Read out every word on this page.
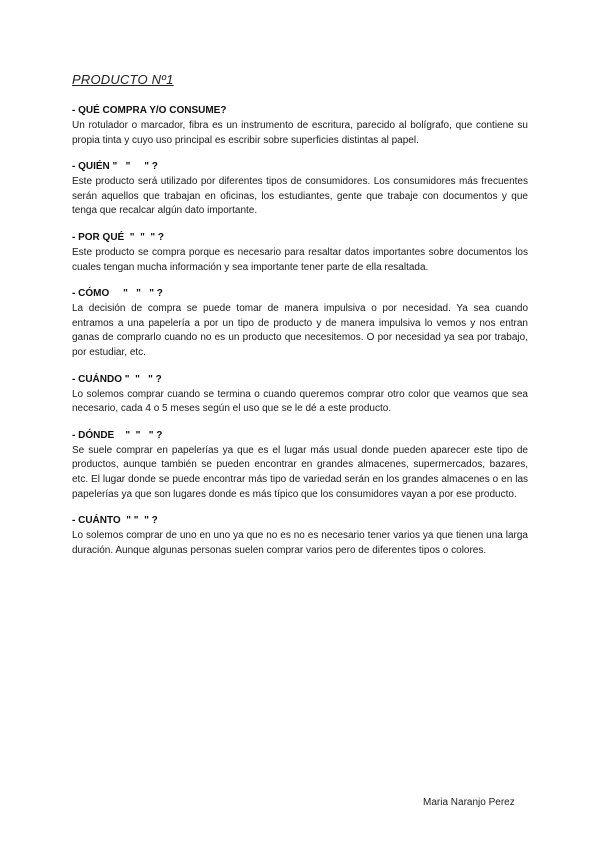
PRODUCTO Nº1
- QUÉ COMPRA Y/O CONSUME?

Un rotulador o marcador, fibra es un instrumento de escritura, parecido al bolígrafo, que contiene su propia tinta y cuyo uso principal es escribir sobre superficies distintas al papel.

- QUIÉN "   "     " ?

Este producto será utilizado por diferentes tipos de consumidores. Los consumidores más frecuentes serán aquellos que trabajan en oficinas, los estudiantes, gente que trabaje con documentos y que tenga que recalcar algún dato importante.

- POR QUÉ  "  "  " ?

Este producto se compra porque es necesario para resaltar datos importantes sobre documentos los cuales tengan mucha información y sea importante tener parte de ella resaltada.

- CÓMO     "   "   " ?

La decisión de compra se puede tomar de manera impulsiva o por necesidad. Ya sea cuando entramos a una papelería a por un tipo de producto y de manera impulsiva lo vemos y nos entran ganas de comprarlo cuando no es un producto que necesitemos. O por necesidad ya sea por trabajo, por estudiar, etc.

- CUÁNDO "  "   " ?

Lo solemos comprar cuando se termina o cuando queremos comprar otro color que veamos que sea necesario, cada 4 o 5 meses según el uso que se le dé a este producto.

- DÓNDE    "  "   " ?

Se suele comprar en papelerías ya que es el lugar más usual donde pueden aparecer este tipo de productos, aunque también se pueden encontrar en grandes almacenes, supermercados, bazares, etc. El lugar donde se puede encontrar más tipo de variedad serán en los grandes almacenes o en las papelerías ya que son lugares donde es más típico que los consumidores vayan a por ese producto.

- CUÁNTO  " "  " ?

Lo solemos comprar de uno en uno ya que no es no es necesario tener varios ya que tienen una larga duración. Aunque algunas personas suelen comprar varios pero de diferentes tipos o colores.

Maria Naranjo Perez
